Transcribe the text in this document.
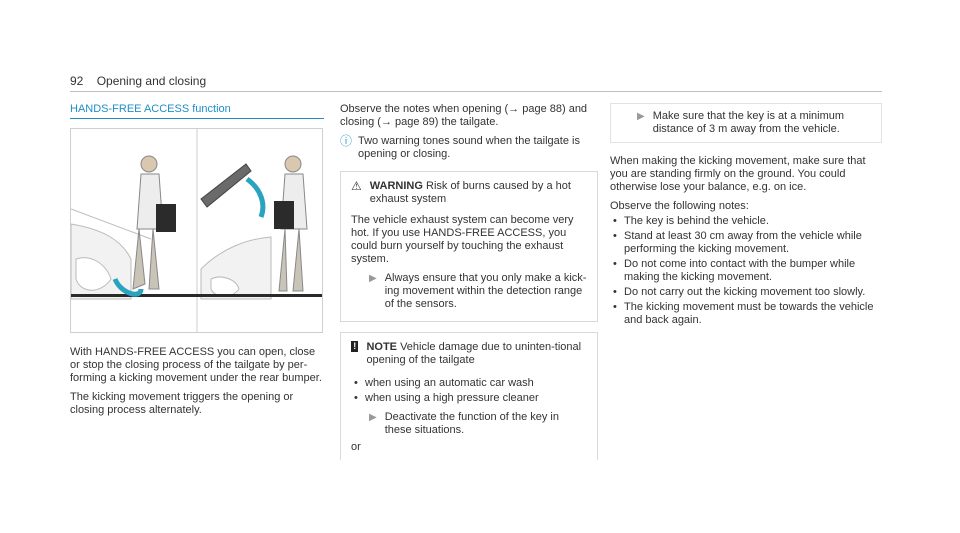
92 Opening and closing
HANDS-FREE ACCESS function

With HANDS-FREE ACCESS you can open, close or stop the closing process of the tailgate by per-forming a kicking movement under the rear bumper.

The kicking movement triggers the opening or closing process alternately.

Observe the notes when opening (→ page 88) and closing (→ page 89) the tailgate.

ⓘ Two warning tones sound when the tailgate is opening or closing.
⚠ WARNING Risk of burns caused by a hot exhaust system

The vehicle exhaust system can become very hot. If you use HANDS-FREE ACCESS, you could burn yourself by touching the exhaust system.

▶ Always ensure that you only make a kick-ing movement within the detection range of the sensors.
! NOTE Vehicle damage due to uninten-tional opening of the tailgate
• when using an automatic car wash
• when using a high pressure cleaner
▶ Deactivate the function of the key in these situations.

or

▶ Make sure that the key is at a minimum distance of 3 m away from the vehicle.

When making the kicking movement, make sure that you are standing firmly on the ground. You could otherwise lose your balance, e.g. on ice.

Observe the following notes:

• The key is behind the vehicle.
• Stand at least 30 cm away from the vehicle while performing the kicking movement.
• Do not come into contact with the bumper while making the kicking movement.
• Do not carry out the kicking movement too slowly.
• The kicking movement must be towards the vehicle and back again.
